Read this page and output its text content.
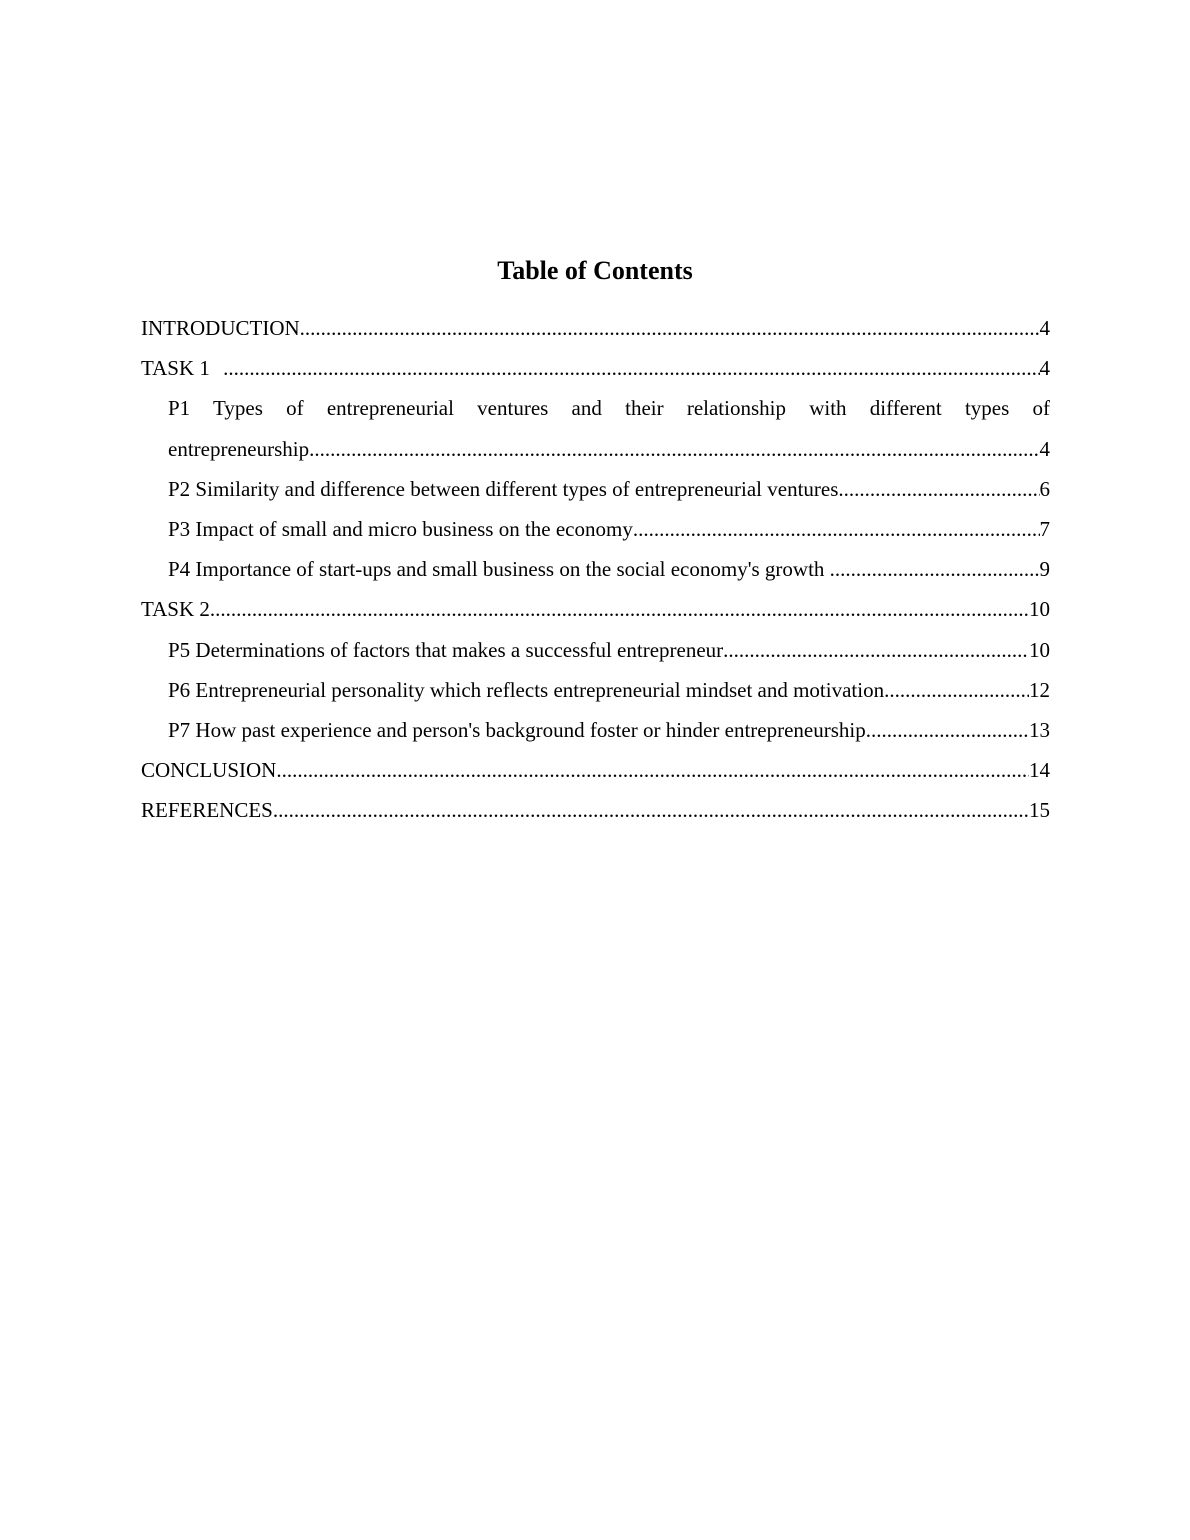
Table of Contents
INTRODUCTION .....	4
TASK 1 .....	4
P1 Types of entrepreneurial ventures and their relationship with different types of
entrepreneurship .....	4
P2 Similarity and difference between different types of entrepreneurial ventures .....	6
P3 Impact of small and micro business on the economy .....	7
P4 Importance of start-ups and small business on the social economy's growth .....	9
TASK 2 .....	10
P5 Determinations of factors that makes a successful entrepreneur .....	10
P6 Entrepreneurial personality which reflects entrepreneurial mindset and motivation .....	12
P7 How past experience and person's background foster or hinder entrepreneurship .....	13
CONCLUSION .....	14
REFERENCES .....	15
